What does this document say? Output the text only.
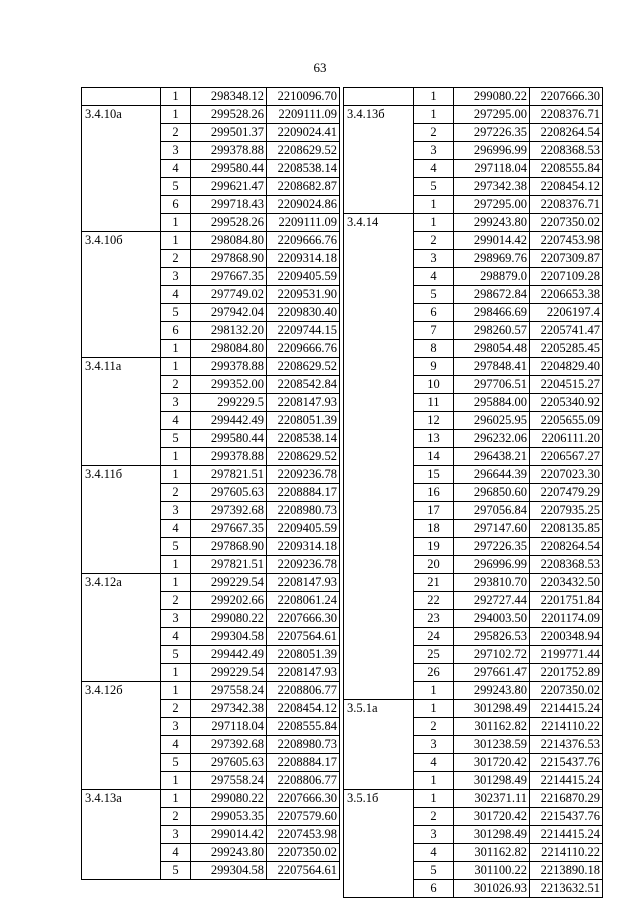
63
	1	298348.12	2210096.70
3.4.10а	1	299528.26	2209111.09
	2	299501.37	2209024.41
	3	299378.88	2208629.52
	4	299580.44	2208538.14
	5	299621.47	2208682.87
	6	299718.43	2209024.86
	1	299528.26	2209111.09
3.4.10б	1	298084.80	2209666.76
	2	297868.90	2209314.18
	3	297667.35	2209405.59
	4	297749.02	2209531.90
	5	297942.04	2209830.40
	6	298132.20	2209744.15
	1	298084.80	2209666.76
3.4.11а	1	299378.88	2208629.52
	2	299352.00	2208542.84
	3	299229.5	2208147.93
	4	299442.49	2208051.39
	5	299580.44	2208538.14
	1	299378.88	2208629.52
3.4.11б	1	297821.51	2209236.78
	2	297605.63	2208884.17
	3	297392.68	2208980.73
	4	297667.35	2209405.59
	5	297868.90	2209314.18
	1	297821.51	2209236.78
3.4.12а	1	299229.54	2208147.93
	2	299202.66	2208061.24
	3	299080.22	2207666.30
	4	299304.58	2207564.61
	5	299442.49	2208051.39
	1	299229.54	2208147.93
3.4.12б	1	297558.24	2208806.77
	2	297342.38	2208454.12
	3	297118.04	2208555.84
	4	297392.68	2208980.73
	5	297605.63	2208884.17
	1	297558.24	2208806.77
3.4.13а	1	299080.22	2207666.30
	2	299053.35	2207579.60
	3	299014.42	2207453.98
	4	299243.80	2207350.02
	5	299304.58	2207564.61
	1	299080.22	2207666.30
3.4.13б	1	297295.00	2208376.71
	2	297226.35	2208264.54
	3	296996.99	2208368.53
	4	297118.04	2208555.84
	5	297342.38	2208454.12
	1	297295.00	2208376.71
3.4.14	1	299243.80	2207350.02
	2	299014.42	2207453.98
	3	298969.76	2207309.87
	4	298879.0	2207109.28
	5	298672.84	2206653.38
	6	298466.69	2206197.4
	7	298260.57	2205741.47
	8	298054.48	2205285.45
	9	297848.41	2204829.40
	10	297706.51	2204515.27
	11	295884.00	2205340.92
	12	296025.95	2205655.09
	13	296232.06	2206111.20
	14	296438.21	2206567.27
	15	296644.39	2207023.30
	16	296850.60	2207479.29
	17	297056.84	2207935.25
	18	297147.60	2208135.85
	19	297226.35	2208264.54
	20	296996.99	2208368.53
	21	293810.70	2203432.50
	22	292727.44	2201751.84
	23	294003.50	2201174.09
	24	295826.53	2200348.94
	25	297102.72	2199771.44
	26	297661.47	2201752.89
	1	299243.80	2207350.02
3.5.1а	1	301298.49	2214415.24
	2	301162.82	2214110.22
	3	301238.59	2214376.53
	4	301720.42	2215437.76
	1	301298.49	2214415.24
3.5.1б	1	302371.11	2216870.29
	2	301720.42	2215437.76
	3	301298.49	2214415.24
	4	301162.82	2214110.22
	5	301100.22	2213890.18
	6	301026.93	2213632.51
